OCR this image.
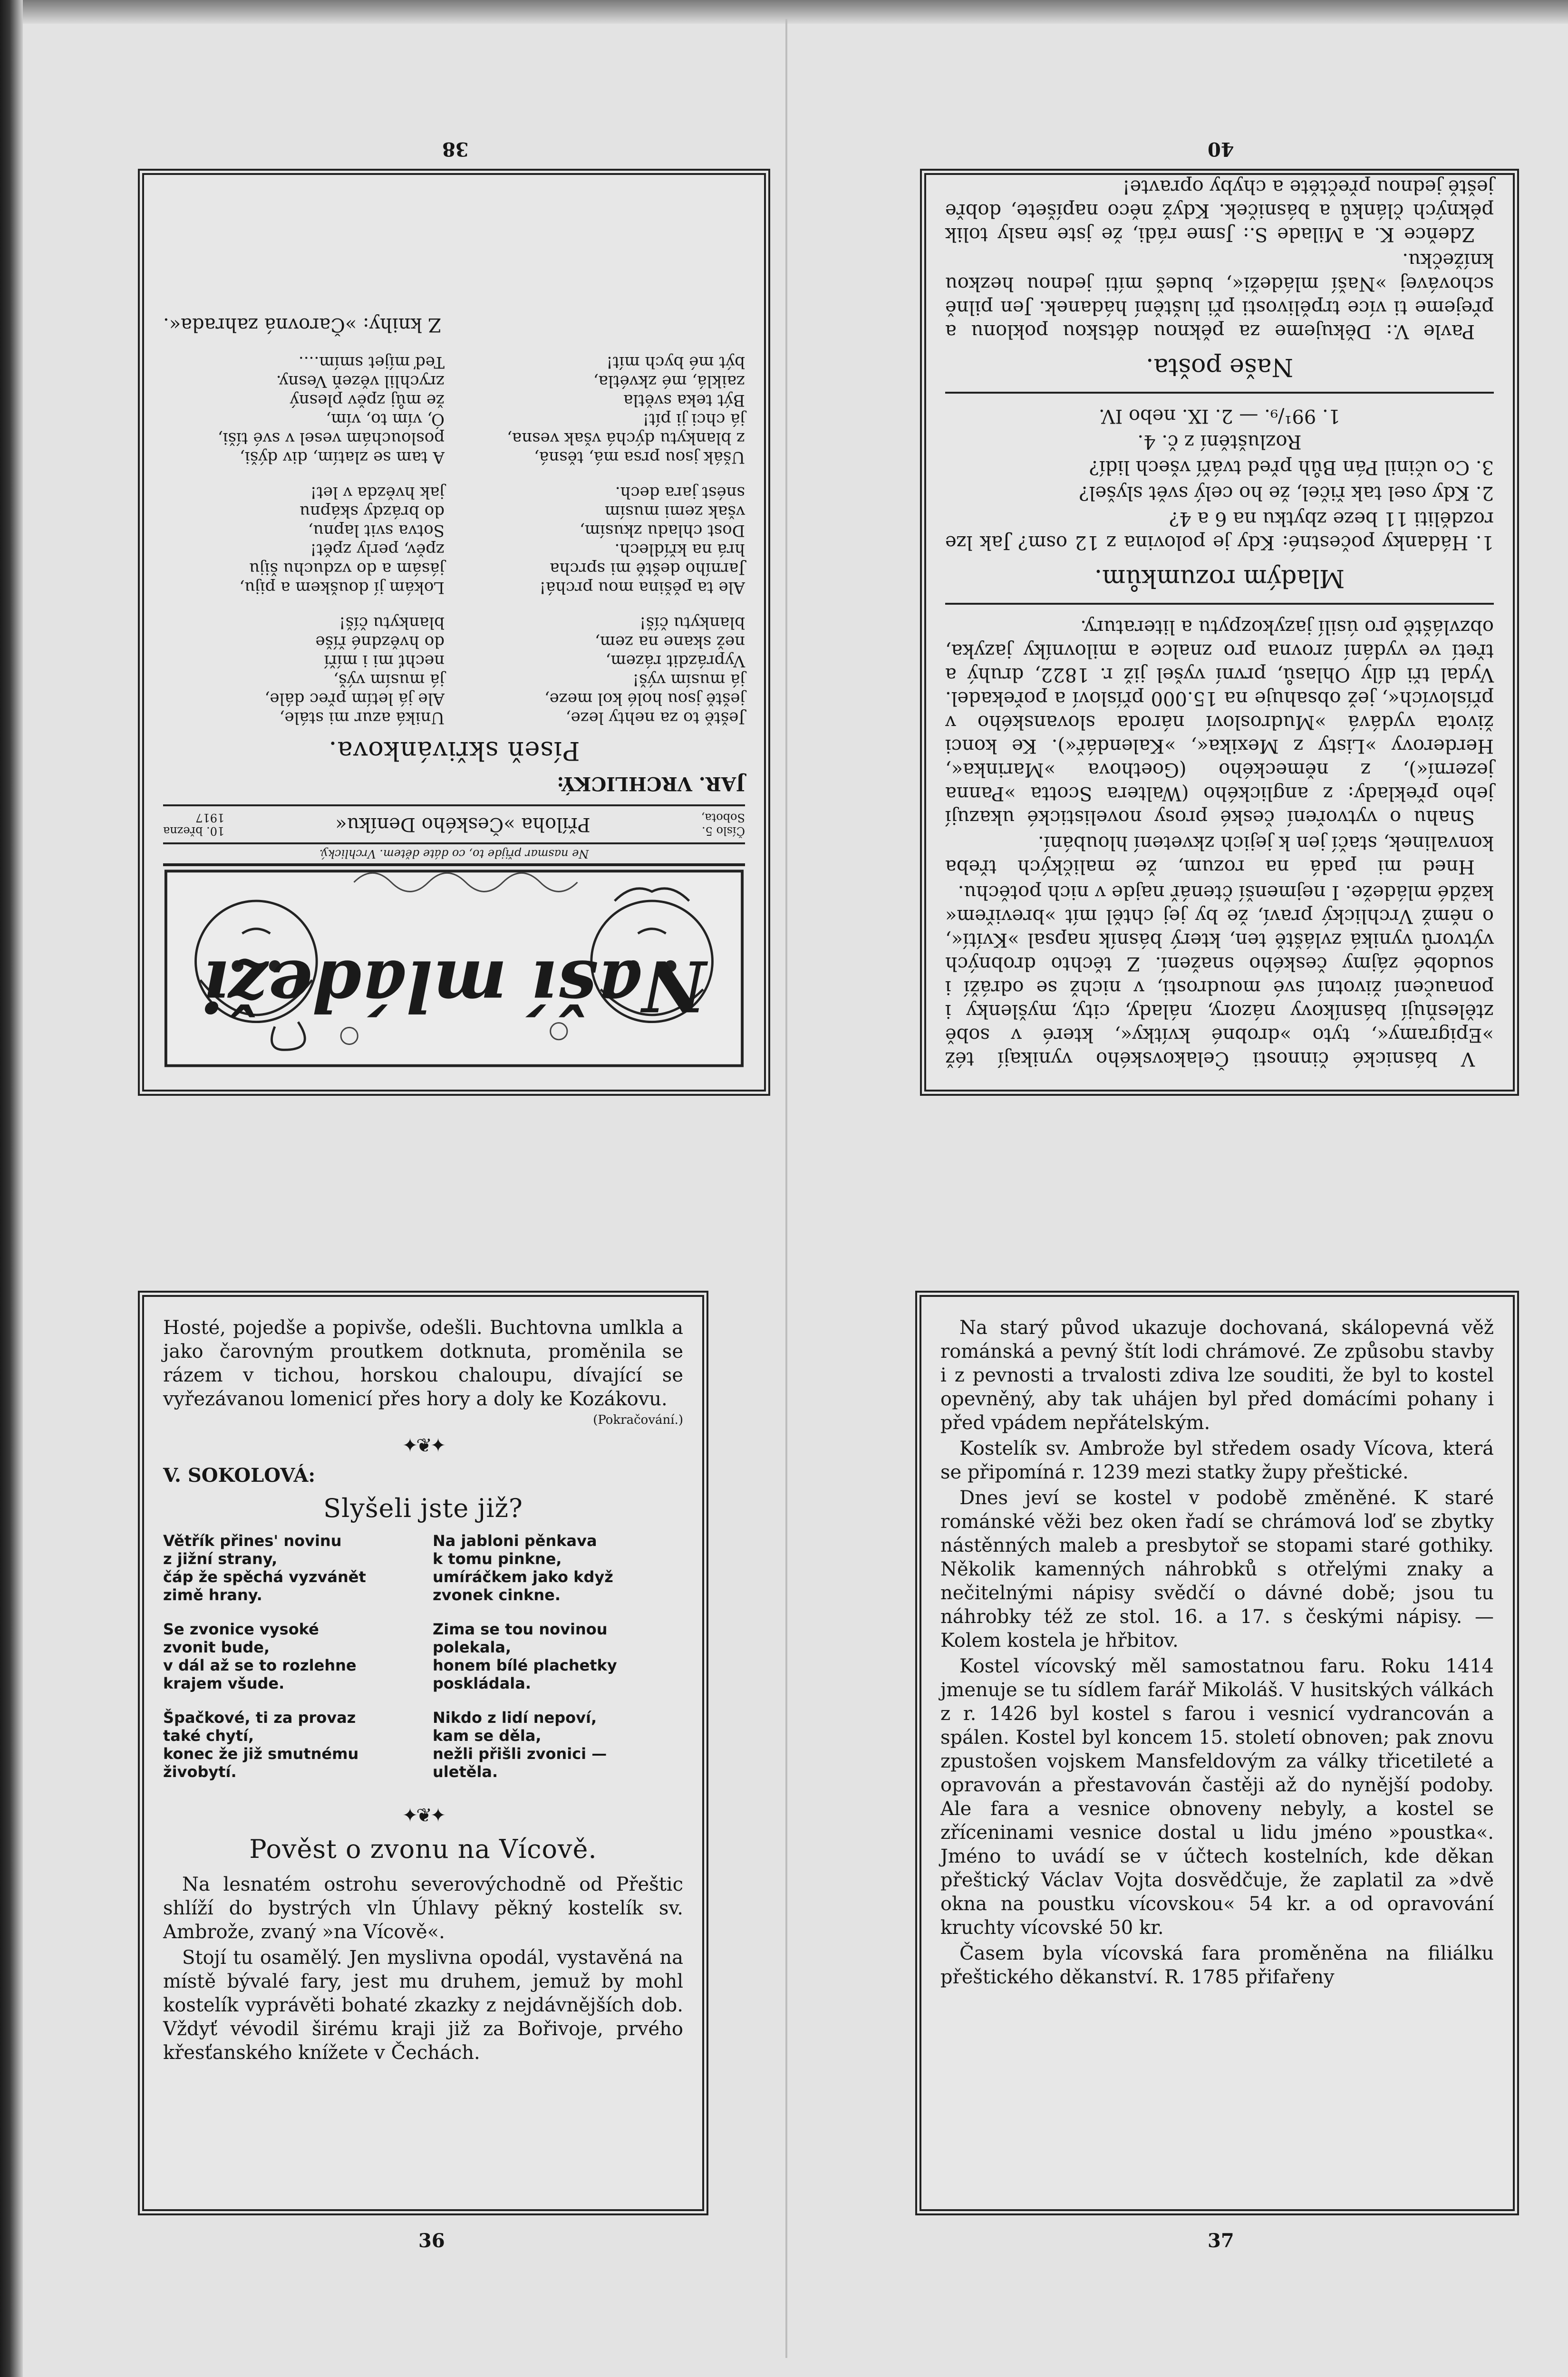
38	40
Naší mládeži
Ne nasmar přijde to, co dáte dětem. Vrchlický.
Číslo 5.
Sobota,
Příloha »Českého Deníku«
10. března
1917
JAR. VRCHLICKÝ:
Píseň skřivánkova.
Ještě to za nehty leze,
ještě jsou holé kol meze,
já musím výš!
Vyprázdit rázem,
než skane na zem,
blankytu číš!
Ale ta pěšina mou prchá!
Jarního deště mi sprcha
hrá na křídlech.
Dost chladu zkusím,
však zemi musím
snést jara dech.
Ušák jsou prsa má, těsná,
z blankytu dýchá však vesna,
já chci ji pít!
Být teka světla
zaiklá, mé zkvétla,
být mé bych mít!
Uniká azur mi stále,
Ale já letím přec dále,
já musím výš,
nechť mi i míří
do hvězdné říše
blankytu číš!
Lokám jí douškem a piju,
jásám a do vzduchu šiju
zpěv, perly zpět!
Sotva svit lapnu,
do brázdy skápnu
jak hvězda v let!
A tam se zlatím, div dýši,
poslouchám vesel v své tíši,
Ó, vím to, vím,
že můj zpěv plesný
zrychlil vězeň Vesny.
Teď míjet smím....
Z knihy: »Čarovná zahrada«.

V básnické činnosti Čelakovského vynikají též »Epigramy«, tyto »drobné kvítky«, které v sobě ztělesňují básníkovy názory, nálady, city, myšlenky i ponaučení životní své moudrosti, v nichž se odráží i soudobé zájmy českého snažení. Z těchto drobných výtvorů vyniká zvláště ten, který básník napsal »Kvítí«, o němž Vrchlický praví, že by jej chtěl mít »breviřem« každé mládeže. I nejmenší čtenář najde v nich potěchu.

Hned mi padá na rozum, že maličkých třeba konvalinek, stačí jen k jejich zkvetení hloubání.

Snahu o vytvoření české prosy novelistické ukazují jeho překlady: z anglického (Waltera Scotta »Panna jezerní«), z německého (Goethova »Marinka«, Herderovy »Listy z Mexika«, »Kalendář«). Ke konci života vydává »Mudrosloví národa slovanského v příslovích«, jež obsahuje na 15.000 přísloví a pořekadel. Vydal tři díly Ohlasů, první vyšel již r. 1822, druhý a třetí ve vydání zrovna pro znalce a milovníky jazyka, obzvláště pro úsilí jazykozpytu a literatury.

Mladým rozumkům.

1. Hádanky počestné: Kdy je polovina z 12 osm? Jak lze rozděliti 11 beze zbytku na 6 a 4?

2. Kdy osel tak řičel, že ho celý svět slyšel?

3. Co učinil Pán Bůh před tváří všech lidí?

Rozluštění z č. 4.
1. 99¹/₉. — 2. IX. nebo IV.
Naše pošta.

Pavle V.: Děkujeme za pěknou dětskou poklonu a přejeme ti více trpělivosti při luštění hádanek. Jen pilně schovávej »Naší mládeži«, budeš míti jednou hezkou knížečku.

Zdeňce K. a Milade S.: Jsme rádi, že jste nasly tolik pěkných článků a básniček. Když něco napíšete, dobře ještě jednou přečtěte a chyby opravte!

Hosté, pojedše a popivše, odešli. Buchtovna umlkla a jako čarovným proutkem dotknuta, proměnila se rázem v tichou, horskou chaloupu, dívající se vyřezávanou lomenicí přes hory a doly ke Kozákovu.

(Pokračování.)
✦❦✦
V. SOKOLOVÁ:
Slyšeli jste již?
Větřík přines' novinu
z jižní strany,
čáp že spěchá vyzvánět
zimě hrany.
Se zvonice vysoké
zvonit bude,
v dál až se to rozlehne
krajem všude.
Špačkové, ti za provaz
také chytí,
konec že již smutnému
živobytí.
Na jabloni pěnkava
k tomu pinkne,
umíráčkem jako když
zvonek cinkne.
Zima se tou novinou
polekala,
honem bílé plachetky
poskládala.
Nikdo z lidí nepoví,
kam se děla,
nežli přišli zvonici —
uletěla.
✦❦✦
Pověst o zvonu na Vícově.

Na lesnatém ostrohu severovýchodně od Přeštic shlíží do bystrých vln Úhlavy pěkný kostelík sv. Ambrože, zvaný »na Vícově«.

Stojí tu osamělý. Jen myslivna opodál, vystavěná na místě bývalé fary, jest mu druhem, jemuž by mohl kostelík vyprávěti bohaté zkazky z nejdávnějších dob. Vždyť vévodil širému kraji již za Bořivoje, prvého křesťanského knížete v Čechách.

Na starý původ ukazuje dochovaná, skálopevná věž románská a pevný štít lodi chrámové. Ze způsobu stavby i z pevnosti a trvalosti zdiva lze souditi, že byl to kostel opevněný, aby tak uhájen byl před domácími pohany i před vpádem nepřátelským.

Kostelík sv. Ambrože byl středem osady Vícova, která se připomíná r. 1239 mezi statky župy přeštické.

Dnes jeví se kostel v podobě změněné. K staré románské věži bez oken řadí se chrámová loď se zbytky nástěnných maleb a presbytoř se stopami staré gothiky. Několik kamenných náhrobků s otřelými znaky a nečitelnými nápisy svědčí o dávné době; jsou tu náhrobky též ze stol. 16. a 17. s českými nápisy. — Kolem kostela je hřbitov.

Kostel vícovský měl samostatnou faru. Roku 1414 jmenuje se tu sídlem farář Mikoláš. V husitských válkách z r. 1426 byl kostel s farou i vesnicí vydrancován a spálen. Kostel byl koncem 15. století obnoven; pak znovu zpustošen vojskem Mansfeldovým za války třicetileté a opravován a přestavován častěji až do nynější podoby. Ale fara a vesnice obnoveny nebyly, a kostel se zříceninami vesnice dostal u lidu jméno »poustka«. Jméno to uvádí se v účtech kostelních, kde děkan přeštický Václav Vojta dosvědčuje, že zaplatil za »dvě okna na poustku vícovskou« 54 kr. a od opravování kruchty vícovské 50 kr.

Časem byla vícovská fara proměněna na filiálku přeštického děkanství. R. 1785 přifařeny

36	37
